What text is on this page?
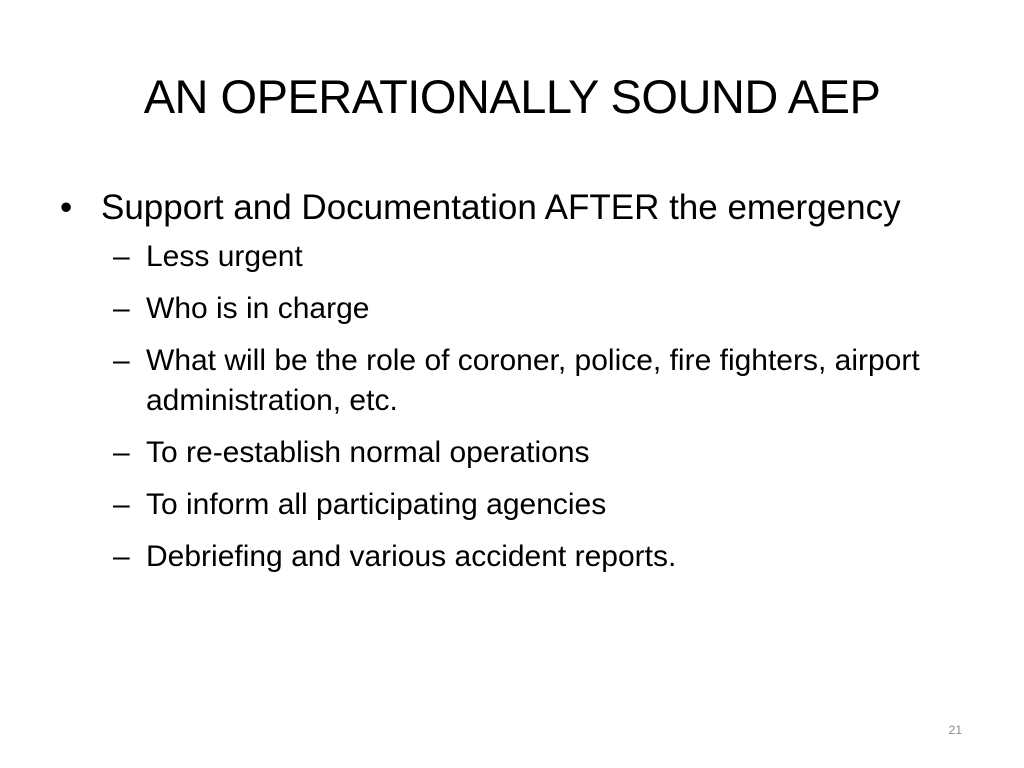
AN OPERATIONALLY SOUND AEP
• Support and Documentation AFTER the emergency
– Less urgent
– Who is in charge
– What will be the role of coroner, police, fire fighters, airport administration, etc.
– To re-establish normal operations
– To inform all participating agencies
– Debriefing and various accident reports.
21
